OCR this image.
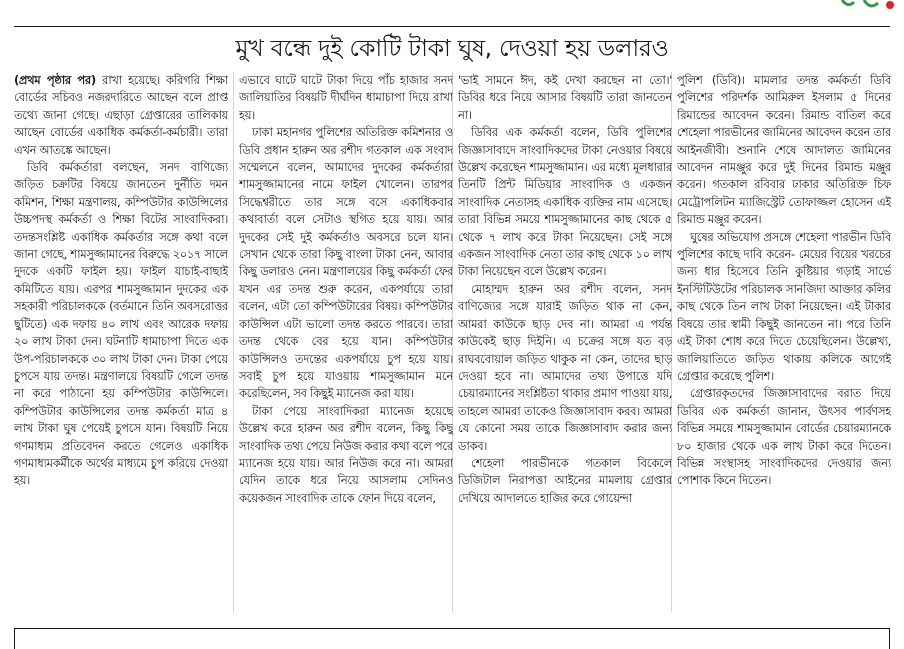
মুখ বন্ধে দুই কোটি টাকা ঘুষ, দেওয়া হয় ডলারও

(প্রথম পৃষ্ঠার পর) রাখা হয়েছে। করিগরি শিক্ষা বোর্ডের সচিবও নজরদারিতে আছেন বলে প্রাপ্ত তথ্যে জানা গেছে। এছাড়া গ্রেপ্তারের তালিকায় আছেন বোর্ডের একাধিক কর্মকর্তা-কর্মচারী। তারা এখন আতঙ্কে আছেন।

ডিবি কর্মকর্তারা বলছেন, সনদ বাণিজ্যে জড়িত চক্রটির বিষয়ে জানতেন দুর্নীতি দমন কমিশন, শিক্ষা মন্ত্রণালয়, কম্পিউটার কাউন্সিলের উচ্চপদস্থ কর্মকর্তা ও শিক্ষা বিটের সাংবাদিকরা। তদন্তসংশ্লিষ্ট একাধিক কর্মকর্তার সঙ্গে কথা বলে জানা গেছে, শামসুজ্জামানের বিরুদ্ধে ২০১৭ সালে দুদকে একটি ফাইল হয়। ফাইল যাচাই-বাছাই কমিটিতে যায়। এরপর শামসুজ্জামান দুদকের এক সহকারী পরিচালককে (বর্তমানে তিনি অবসরোত্তর ছুটিতে) এক দফায় ৪০ লাখ এবং আরেক দফায় ২০ লাখ টাকা দেন। ঘটনাটি ধামাচাপা দিতে এক উপ-পরিচালককে ৩০ লাখ টাকা দেন। টাকা পেয়ে চুপসে যায় তদন্ত। মন্ত্রণালয়ে বিষয়টি গেলে তদন্ত না করে পাঠানো হয় কম্পিউটার কাউন্সিলে। কম্পিউটার কাউন্সিলের তদন্ত কর্মকর্তা মাত্র ৪ লাখ টাকা ঘুষ পেয়েই চুপসে যান। বিষয়টি নিয়ে গণমাধ্যম প্রতিবেদন করতে গেলেও একাধিক গণমাধ্যমকর্মীকে অর্থের মাধ্যমে চুপ করিয়ে দেওয়া হয়।

এভাবে ঘাটে ঘাটে টাকা দিয়ে পাঁচ হাজার সনদ জালিয়াতির বিষয়টি দীর্ঘদিন ধামাচাপা দিয়ে রাখা হয়।

ঢাকা মহানগর পুলিশের অতিরিক্ত কমিশনার ও ডিবি প্রধান হারুন অর রশীদ গতকাল এক সংবাদ সম্মেলনে বলেন, আমাদের দুদকের কর্মকর্তারা শামসুজ্জামানের নামে ফাইল খোলেন। তারপর সিদ্ধেশ্বরীতে তার সঙ্গে বসে একাধিকবার কথাবার্তা বলে সেটাও স্থগিত হয়ে যায়। আর দুদকের সেই দুই কর্মকর্তাও অবসরে চলে যান। সেখান থেকে তারা কিছু বাংলা টাকা নেন, আবার কিছু ডলারও নেন। মন্ত্রণালয়ের কিছু কর্মকর্তা ফের যখন এর তদন্ত শুরু করেন, একপর্যায়ে তারা বলেন, এটা তো কম্পিউটারের বিষয়। কম্পিউটার কাউন্সিল এটা ভালো তদন্ত করতে পারবে। তারা তদন্ত থেকে বের হয়ে যান। কম্পিউটার কাউন্সিলও তদন্তের একপর্যায়ে চুপ হয়ে যায়। সবাই চুপ হয়ে যাওয়ায় শামসুজ্জামান মনে করেছিলেন, সব কিছুই ম্যানেজ করা যায়।

টাকা পেয়ে সাংবাদিকরা ম্যানেজ হয়েছে উল্লেখ করে হারুন অর রশীদ বলেন, কিছু কিছু সাংবাদিক তথ্য পেয়ে নিউজ করার কথা বলে পরে ম্যানেজ হয়ে যায়। আর নিউজ করে না। আমরা যেদিন তাকে ধরে নিয়ে আসলাম সেদিনও কয়েকজন সাংবাদিক তাকে ফোন দিয়ে বলেন,

'ভাই সামনে ঈদ, কই দেখা করছেন না তো।' ডিবির ধরে নিয়ে আসার বিষয়টি তারা জানতেন না।

ডিবির এক কর্মকর্তা বলেন, ডিবি পুলিশের জিজ্ঞাসাবাদে সাংবাদিকদের টাকা নেওয়ার বিষয়ে উল্লেখ করেছেন শামসুজ্জামান। এর মধ্যে মূলধারার তিনটি প্রিন্ট মিডিয়ার সাংবাদিক ও একজন সাংবাদিক নেতাসহ একাধিক ব্যক্তির নাম এসেছে। তারা বিভিন্ন সময়ে শামসুজ্জামানের কাছ থেকে ৫ থেকে ৭ লাখ করে টাকা নিয়েছেন। সেই সঙ্গে একজন সাংবাদিক নেতা তার কাছ থেকে ১০ লাখ টাকা নিয়েছেন বলে উল্লেখ করেন।

মোহাম্মদ হারুন অর রশীদ বলেন, সনদ বাণিজ্যের সঙ্গে যারাই জড়িত থাক না কেন, আমরা কাউকে ছাড় দেব না। আমরা এ পর্যন্ত কাউকেই ছাড় দিইনি। এ চক্রের সঙ্গে যত বড় রাঘববোয়াল জড়িত থাকুক না কেন, তাদের ছাড় দেওয়া হবে না। আমাদের তথ্য উপাত্তে যদি চেয়ারম্যানের সংশ্লিষ্টতা থাকার প্রমাণ পাওয়া যায়, তাহলে আমরা তাকেও জিজ্ঞাসাবাদ করব। আমরা যে কোনো সময় তাকে জিজ্ঞাসাবাদ করার জন্য ডাকব।

শেহেলা পারভীনকে গতকাল বিকেলে ডিজিটাল নিরাপত্তা আইনের মামলায় গ্রেপ্তার দেখিয়ে আদালতে হাজির করে গোয়েন্দা

পুলিশ (ডিবি)। মামলার তদন্ত কর্মকর্তা ডিবি পুলিশের পরিদর্শক আমিরুল ইসলাম ৫ দিনের রিমান্ডের আবেদন করেন। রিমান্ড বাতিল করে শেহেলা পারভীনের জামিনের আবেদন করেন তার আইনজীবী। শুনানি শেষে আদালত জামিনের আবেদন নামঞ্জুর করে দুই দিনের রিমান্ড মঞ্জুর করেন। গতকাল রবিবার ঢাকার অতিরিক্ত চিফ মেট্রোপলিটন ম্যাজিস্ট্রেট তোফাজ্জল হোসেন এই রিমান্ড মঞ্জুর করেন।

ঘুষের অভিযোগ প্রসঙ্গে শেহেলা পারভীন ডিবি পুলিশের কাছে দাবি করেন- মেয়ের বিয়ের খরচের জন্য ধার হিসেবে তিনি কুষ্টিয়ার গড়াই সার্ভে ইনস্টিটিউটের পরিচালক সানজিদা আক্তার কলির কাছ থেকে তিন লাখ টাকা নিয়েছেন। এই টাকার বিষয়ে তার স্বামী কিছুই জানতেন না। পরে তিনি এই টাকা শোধ করে দিতে চেয়েছিলেন। উল্লেখ্য, জালিয়াতিতে জড়িত থাকায় কলিকে আগেই গ্রেপ্তার করেছে পুলিশ।

গ্রেপ্তারকৃতদের জিজ্ঞাসাবাদের বরাত দিয়ে ডিবির এক কর্মকর্তা জানান, উৎসব পার্বণসহ বিভিন্ন সময়ে শামসুজ্জামান বোর্ডের চেয়ারম্যানকে ৮০ হাজার থেকে এক লাখ টাকা করে দিতেন। বিভিন্ন সংস্থাসহ সাংবাদিকদের দেওয়ার জন্য পোশাক কিনে দিতেন।
